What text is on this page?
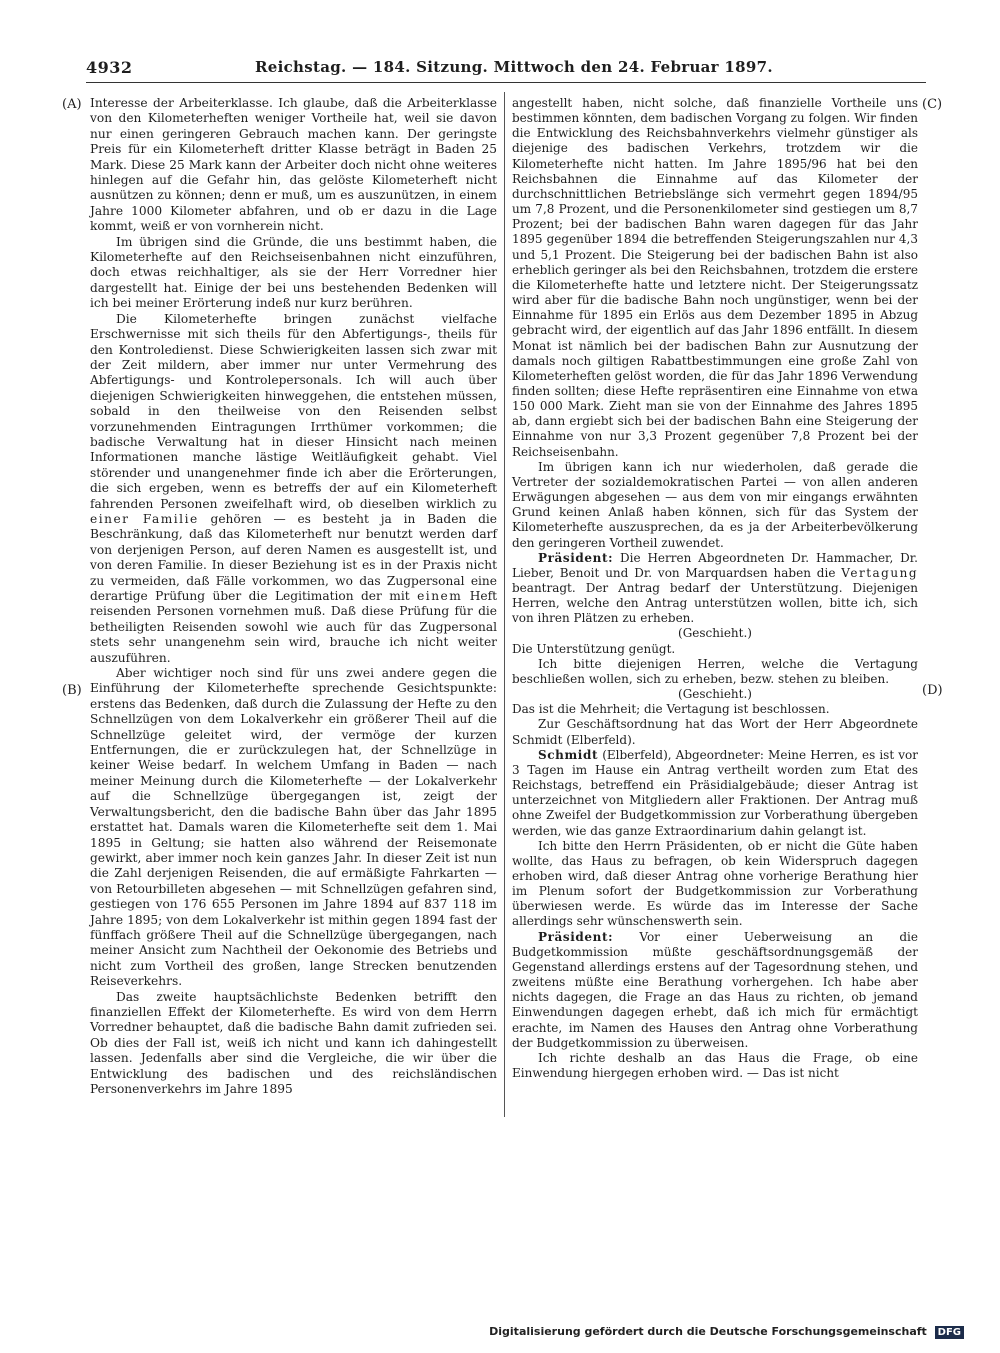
4932	Reichstag. — 184. Sitzung. Mittwoch den 24. Februar 1897.
(A)
(B)
(C)
(D)

Interesse der Arbeiterklasse. Ich glaube, daß die Arbeiterklasse von den Kilometerheften weniger Vortheile hat, weil sie davon nur einen geringeren Gebrauch machen kann. Der geringste Preis für ein Kilometerheft dritter Klasse beträgt in Baden 25 Mark. Diese 25 Mark kann der Arbeiter doch nicht ohne weiteres hinlegen auf die Gefahr hin, das gelöste Kilometerheft nicht ausnützen zu können; denn er muß, um es auszunützen, in einem Jahre 1000 Kilometer abfahren, und ob er dazu in die Lage kommt, weiß er von vornherein nicht.

Im übrigen sind die Gründe, die uns bestimmt haben, die Kilometerhefte auf den Reichseisenbahnen nicht einzuführen, doch etwas reichhaltiger, als sie der Herr Vorredner hier dargestellt hat. Einige der bei uns bestehenden Bedenken will ich bei meiner Erörterung indeß nur kurz berühren.

Die Kilometerhefte bringen zunächst vielfache Erschwernisse mit sich theils für den Abfertigungs-, theils für den Kontroledienst. Diese Schwierigkeiten lassen sich zwar mit der Zeit mildern, aber immer nur unter Vermehrung des Abfertigungs- und Kontrolepersonals. Ich will auch über diejenigen Schwierigkeiten hinweggehen, die entstehen müssen, sobald in den theilweise von den Reisenden selbst vorzunehmenden Eintragungen Irrthümer vorkommen; die badische Verwaltung hat in dieser Hinsicht nach meinen Informationen manche lästige Weitläufigkeit gehabt. Viel störender und unangenehmer finde ich aber die Erörterungen, die sich ergeben, wenn es betreffs der auf ein Kilometerheft fahrenden Personen zweifelhaft wird, ob dieselben wirklich zu einer Familie gehören — es besteht ja in Baden die Beschränkung, daß das Kilometerheft nur benutzt werden darf von derjenigen Person, auf deren Namen es ausgestellt ist, und von deren Familie. In dieser Beziehung ist es in der Praxis nicht zu vermeiden, daß Fälle vorkommen, wo das Zugpersonal eine derartige Prüfung über die Legitimation der mit einem Heft reisenden Personen vornehmen muß. Daß diese Prüfung für die betheiligten Reisenden sowohl wie auch für das Zugpersonal stets sehr unangenehm sein wird, brauche ich nicht weiter auszuführen.

Aber wichtiger noch sind für uns zwei andere gegen die Einführung der Kilometerhefte sprechende Gesichtspunkte: erstens das Bedenken, daß durch die Zulassung der Hefte zu den Schnellzügen von dem Lokalverkehr ein größerer Theil auf die Schnellzüge geleitet wird, der vermöge der kurzen Entfernungen, die er zurückzulegen hat, der Schnellzüge in keiner Weise bedarf. In welchem Umfang in Baden — nach meiner Meinung durch die Kilometerhefte — der Lokalverkehr auf die Schnellzüge übergegangen ist, zeigt der Verwaltungsbericht, den die badische Bahn über das Jahr 1895 erstattet hat. Damals waren die Kilometerhefte seit dem 1. Mai 1895 in Geltung; sie hatten also während der Reisemonate gewirkt, aber immer noch kein ganzes Jahr. In dieser Zeit ist nun die Zahl derjenigen Reisenden, die auf ermäßigte Fahrkarten — von Retourbilleten abgesehen — mit Schnellzügen gefahren sind, gestiegen von 176 655 Personen im Jahre 1894 auf 837 118 im Jahre 1895; von dem Lokalverkehr ist mithin gegen 1894 fast der fünffach größere Theil auf die Schnellzüge übergegangen, nach meiner Ansicht zum Nachtheil der Oekonomie des Betriebs und nicht zum Vortheil des großen, lange Strecken benutzenden Reiseverkehrs.

Das zweite hauptsächlichste Bedenken betrifft den finanziellen Effekt der Kilometerhefte. Es wird von dem Herrn Vorredner behauptet, daß die badische Bahn damit zufrieden sei. Ob dies der Fall ist, weiß ich nicht und kann ich dahingestellt lassen. Jedenfalls aber sind die Vergleiche, die wir über die Entwicklung des badischen und des reichsländischen Personenverkehrs im Jahre 1895

angestellt haben, nicht solche, daß finanzielle Vortheile uns bestimmen könnten, dem badischen Vorgang zu folgen. Wir finden die Entwicklung des Reichsbahnverkehrs vielmehr günstiger als diejenige des badischen Verkehrs, trotzdem wir die Kilometerhefte nicht hatten. Im Jahre 1895/96 hat bei den Reichsbahnen die Einnahme auf das Kilometer der durchschnittlichen Betriebslänge sich vermehrt gegen 1894/95 um 7,8 Prozent, und die Personenkilometer sind gestiegen um 8,7 Prozent; bei der badischen Bahn waren dagegen für das Jahr 1895 gegenüber 1894 die betreffenden Steigerungszahlen nur 4,3 und 5,1 Prozent. Die Steigerung bei der badischen Bahn ist also erheblich geringer als bei den Reichsbahnen, trotzdem die erstere die Kilometerhefte hatte und letztere nicht. Der Steigerungssatz wird aber für die badische Bahn noch ungünstiger, wenn bei der Einnahme für 1895 ein Erlös aus dem Dezember 1895 in Abzug gebracht wird, der eigentlich auf das Jahr 1896 entfällt. In diesem Monat ist nämlich bei der badischen Bahn zur Ausnutzung der damals noch giltigen Rabattbestimmungen eine große Zahl von Kilometerheften gelöst worden, die für das Jahr 1896 Verwendung finden sollten; diese Hefte repräsentiren eine Einnahme von etwa 150 000 Mark. Zieht man sie von der Einnahme des Jahres 1895 ab, dann ergiebt sich bei der badischen Bahn eine Steigerung der Einnahme von nur 3,3 Prozent gegenüber 7,8 Prozent bei der Reichseisenbahn.

Im übrigen kann ich nur wiederholen, daß gerade die Vertreter der sozialdemokratischen Partei — von allen anderen Erwägungen abgesehen — aus dem von mir eingangs erwähnten Grund keinen Anlaß haben können, sich für das System der Kilometerhefte auszusprechen, da es ja der Arbeiterbevölkerung den geringeren Vortheil zuwendet.

Präsident: Die Herren Abgeordneten Dr. Hammacher, Dr. Lieber, Benoit und Dr. von Marquardsen haben die Vertagung beantragt. Der Antrag bedarf der Unterstützung. Diejenigen Herren, welche den Antrag unterstützen wollen, bitte ich, sich von ihren Plätzen zu erheben.

(Geschieht.)

Die Unterstützung genügt.

Ich bitte diejenigen Herren, welche die Vertagung beschließen wollen, sich zu erheben, bezw. stehen zu bleiben.

(Geschieht.)

Das ist die Mehrheit; die Vertagung ist beschlossen.

Zur Geschäftsordnung hat das Wort der Herr Abgeordnete Schmidt (Elberfeld).

Schmidt (Elberfeld), Abgeordneter: Meine Herren, es ist vor 3 Tagen im Hause ein Antrag vertheilt worden zum Etat des Reichstags, betreffend ein Präsidialgebäude; dieser Antrag ist unterzeichnet von Mitgliedern aller Fraktionen. Der Antrag muß ohne Zweifel der Budgetkommission zur Vorberathung übergeben werden, wie das ganze Extraordinarium dahin gelangt ist.

Ich bitte den Herrn Präsidenten, ob er nicht die Güte haben wollte, das Haus zu befragen, ob kein Widerspruch dagegen erhoben wird, daß dieser Antrag ohne vorherige Berathung hier im Plenum sofort der Budgetkommission zur Vorberathung überwiesen werde. Es würde das im Interesse der Sache allerdings sehr wünschenswerth sein.

Präsident: Vor einer Ueberweisung an die Budgetkommission müßte geschäftsordnungsgemäß der Gegenstand allerdings erstens auf der Tagesordnung stehen, und zweitens müßte eine Berathung vorhergehen. Ich habe aber nichts dagegen, die Frage an das Haus zu richten, ob jemand Einwendungen dagegen erhebt, daß ich mich für ermächtigt erachte, im Namen des Hauses den Antrag ohne Vorberathung der Budgetkommission zu überweisen.

Ich richte deshalb an das Haus die Frage, ob eine Einwendung hiergegen erhoben wird. — Das ist nicht

Digitalisierung gefördert durch die Deutsche Forschungsgemeinschaft DFG
